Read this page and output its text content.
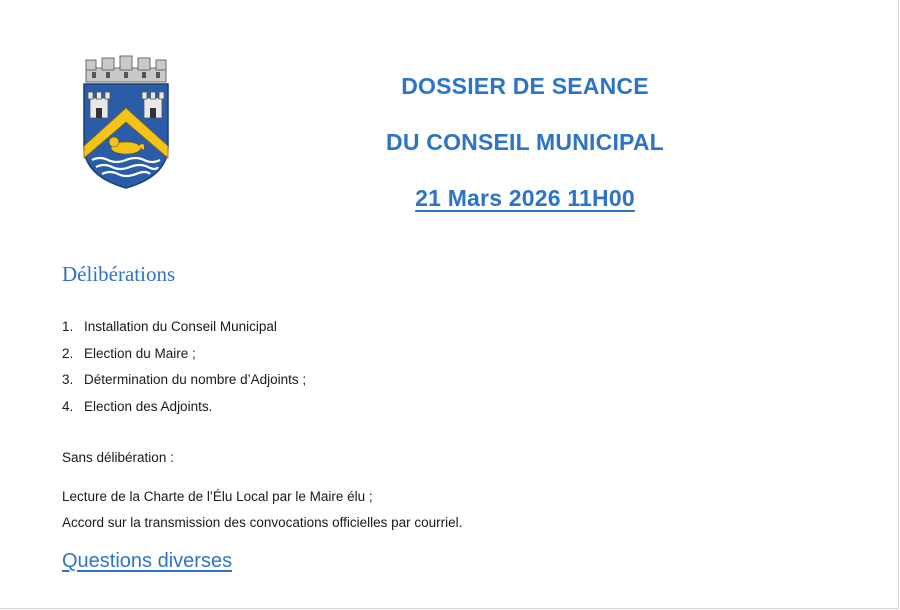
DOSSIER DE SEANCE
DU CONSEIL MUNICIPAL
21 Mars 2026 11H00
Délibérations
1. Installation du Conseil Municipal
2. Election du Maire ;
3. Détermination du nombre d’Adjoints ;
4. Election des Adjoints.
Sans délibération :
Lecture de la Charte de l’Élu Local par le Maire élu ;
Accord sur la transmission des convocations officielles par courriel.
Questions diverses
